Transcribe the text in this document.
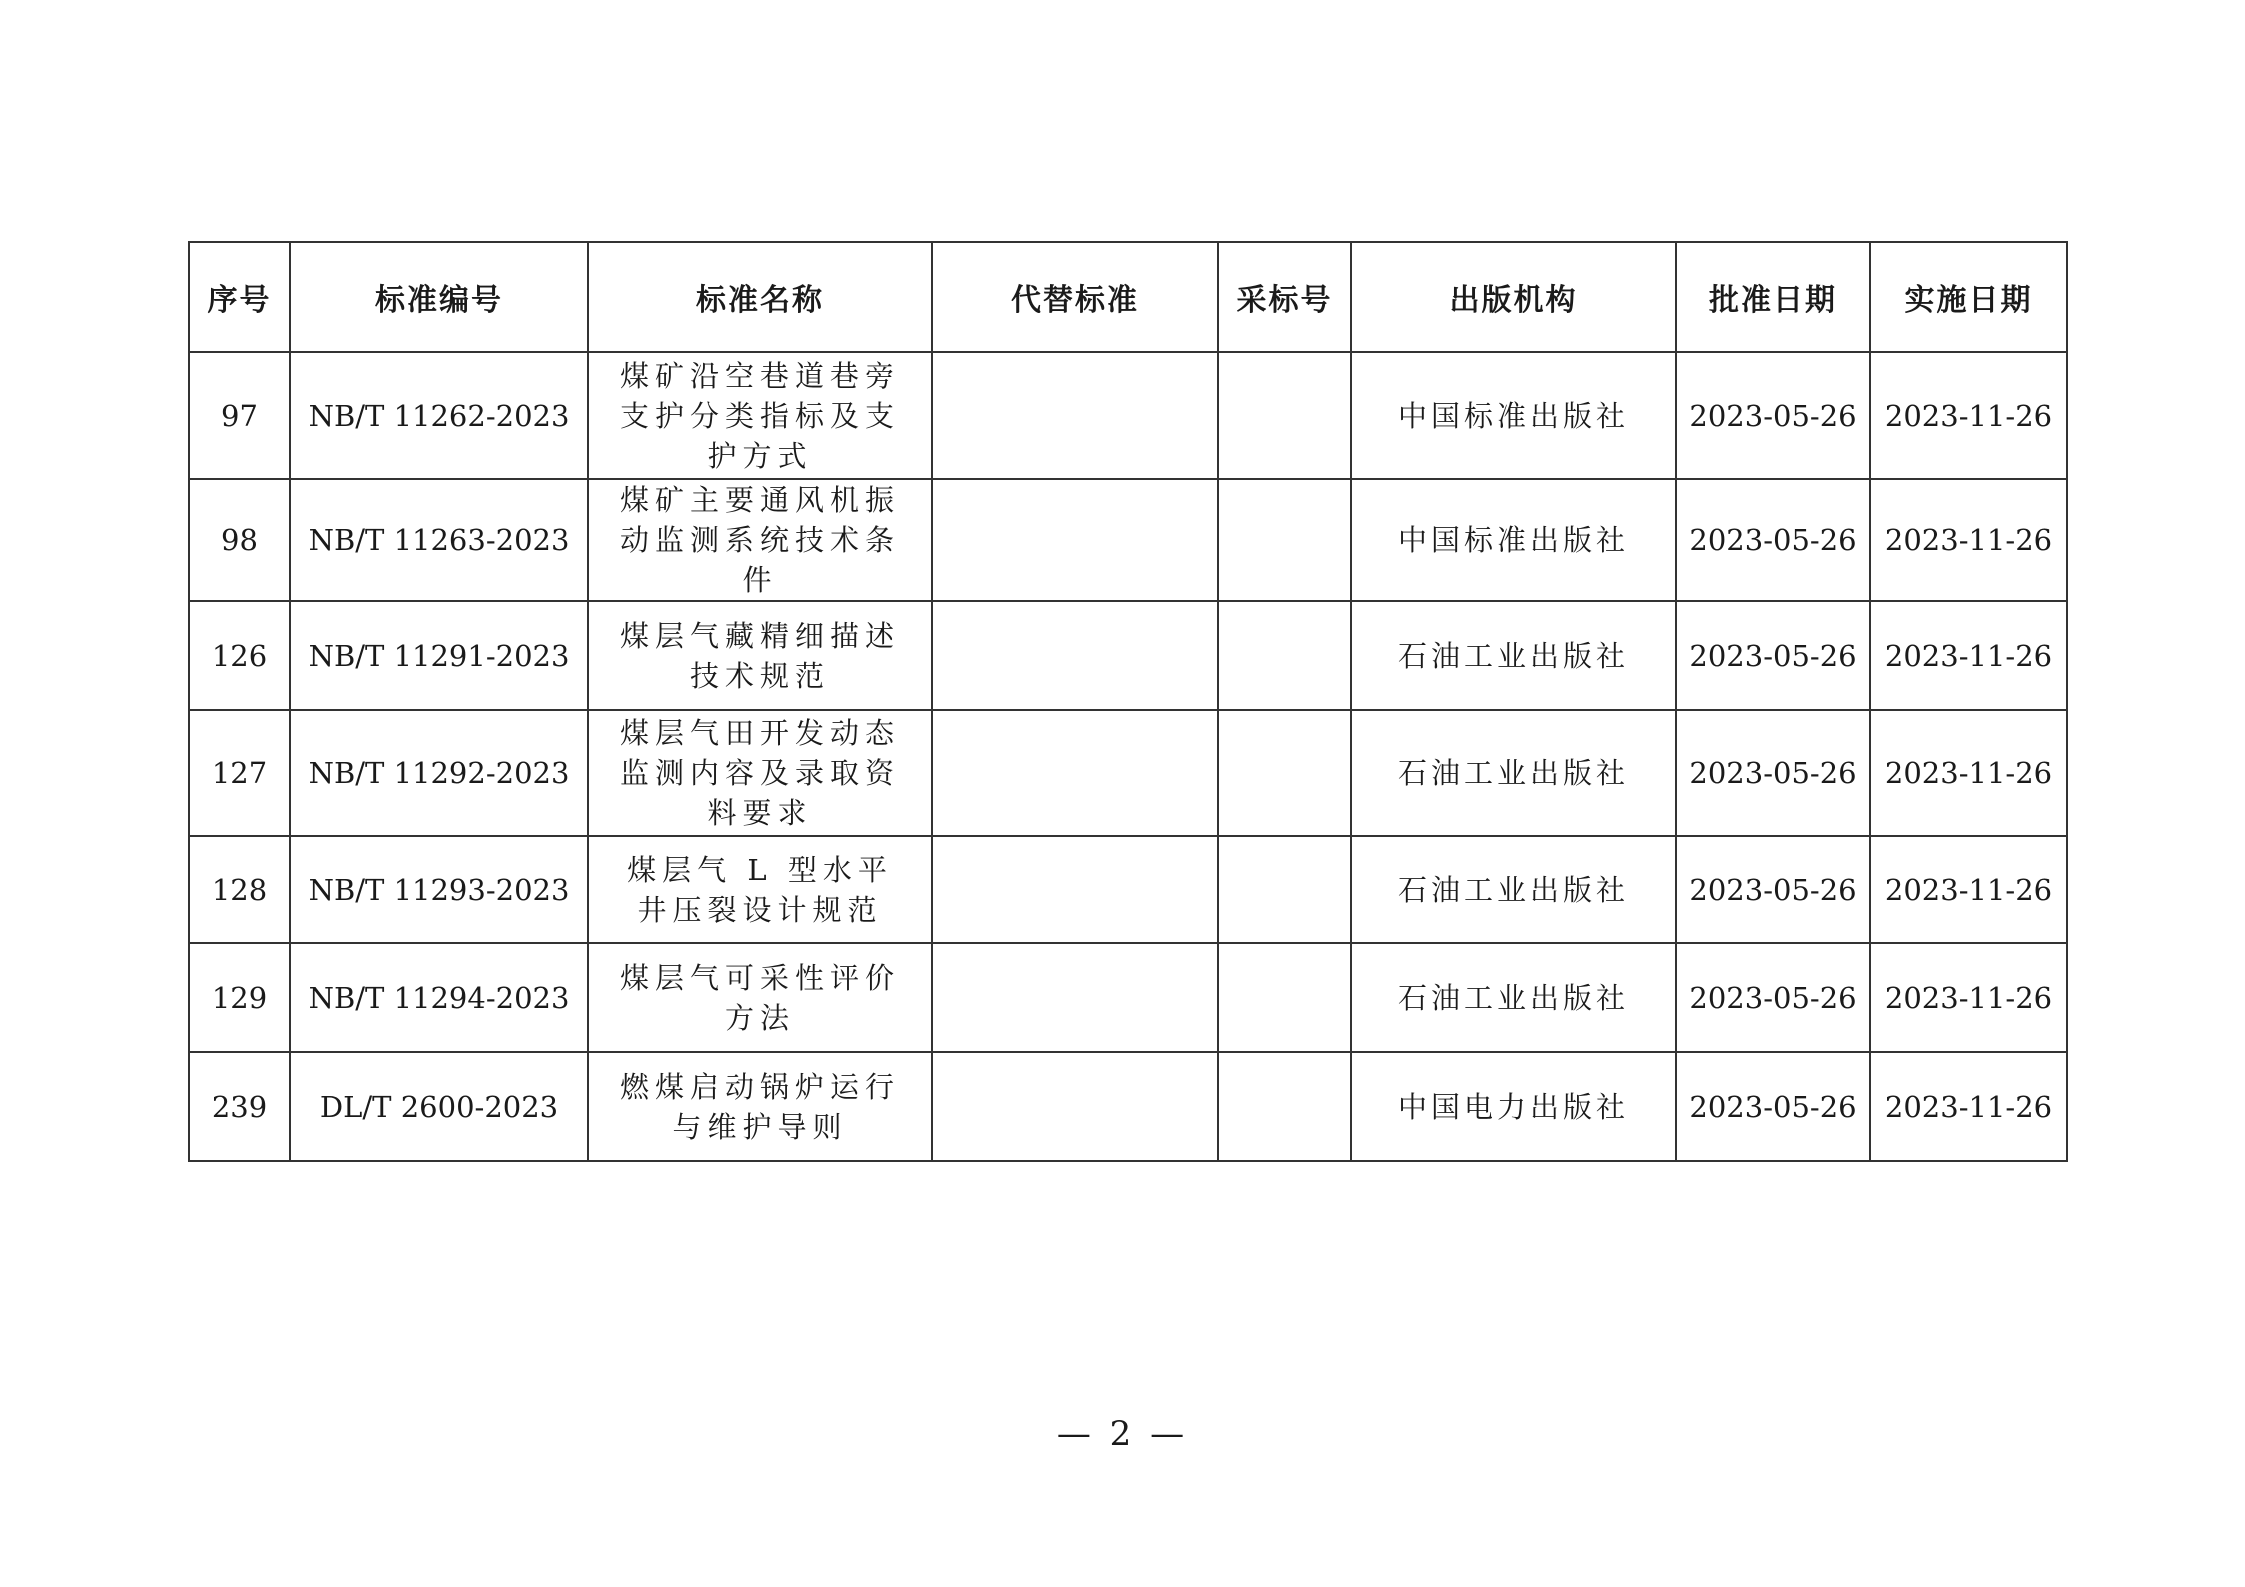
序号	标准编号	标准名称	代替标准	采标号	出版机构	批准日期	实施日期
97	NB/T 11262-2023	煤矿沿空巷道巷旁支护分类指标及支护方式			中国标准出版社	2023-05-26	2023-11-26
98	NB/T 11263-2023	煤矿主要通风机振动监测系统技术条件			中国标准出版社	2023-05-26	2023-11-26
126	NB/T 11291-2023	煤层气藏精细描述技术规范			石油工业出版社	2023-05-26	2023-11-26
127	NB/T 11292-2023	煤层气田开发动态监测内容及录取资料要求			石油工业出版社	2023-05-26	2023-11-26
128	NB/T 11293-2023	煤层气 L 型水平井压裂设计规范			石油工业出版社	2023-05-26	2023-11-26
129	NB/T 11294-2023	煤层气可采性评价方法			石油工业出版社	2023-05-26	2023-11-26
239	DL/T 2600-2023	燃煤启动锅炉运行与维护导则			中国电力出版社	2023-05-26	2023-11-26
— 2 —
